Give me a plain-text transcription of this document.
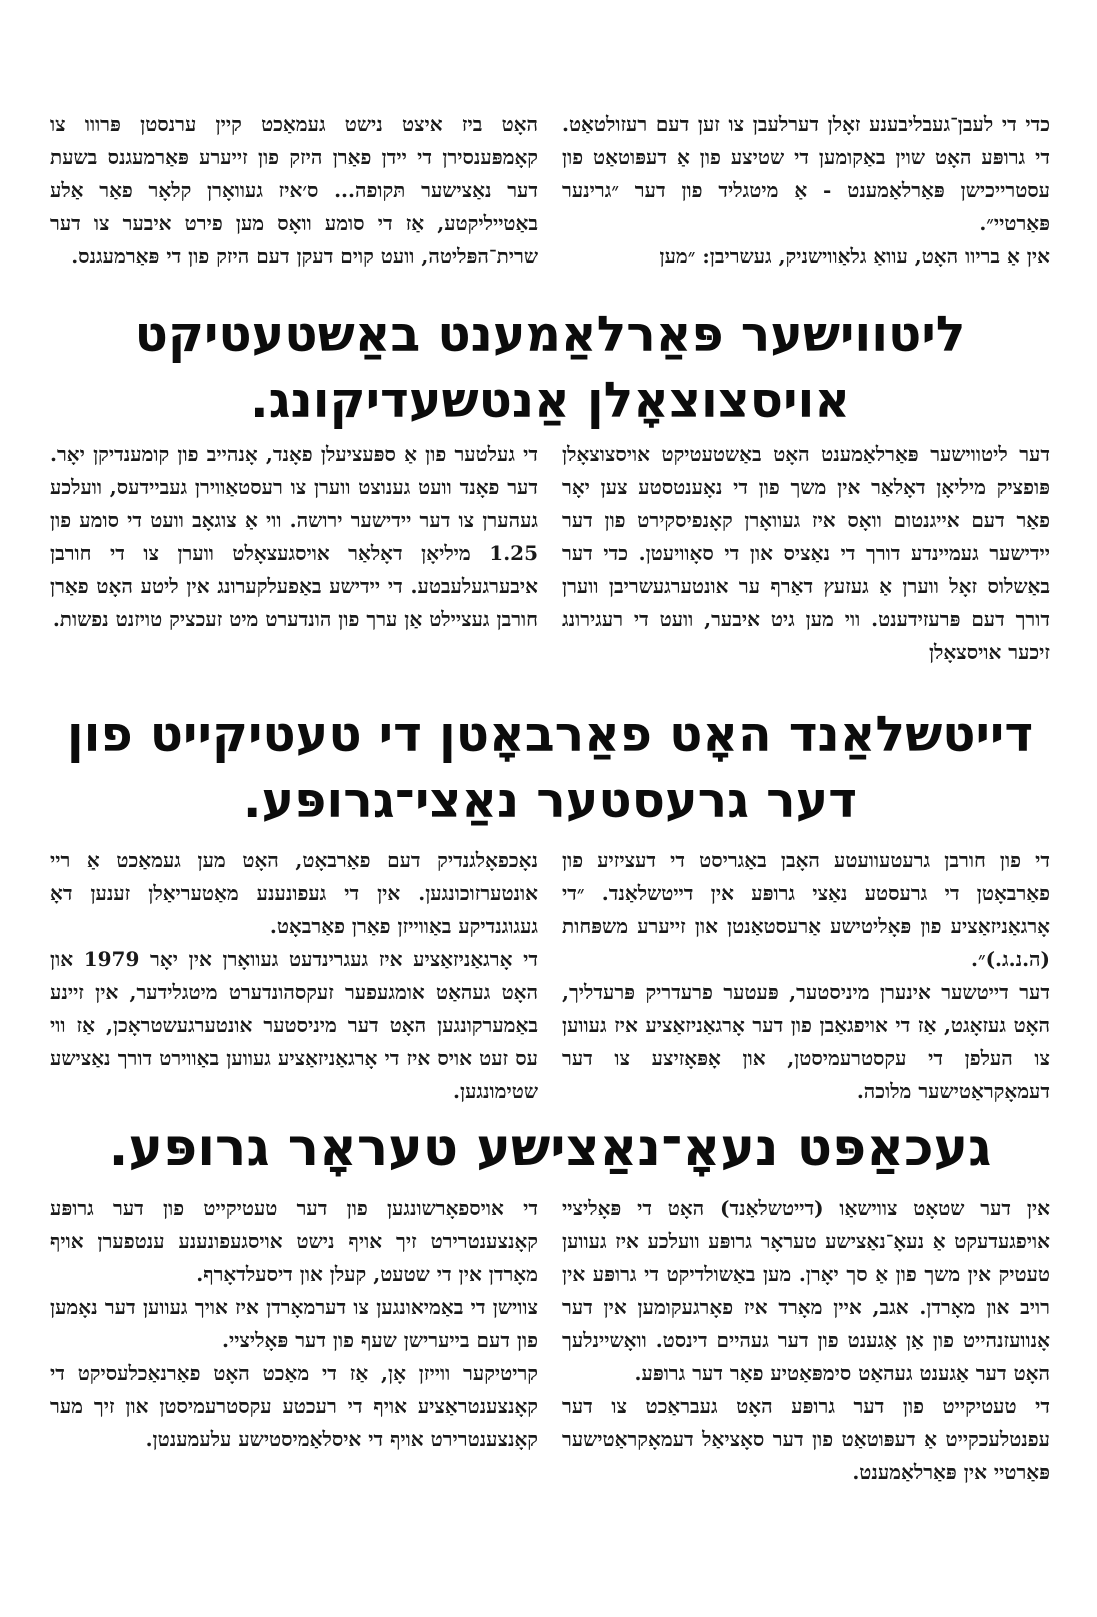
כדי די לעבן־געבליבענע זאָלן דערלעבן צו זען דעם רעזולטאַט. די גרופּע האָט שוין באַקומען די שטיצע פון אַ דעפּוטאַט פון עסטרייכישן פּאַרלאַמענט - אַ מיטגליד פון דער ״גרינער פּאַרטיי״.

אין אַ בריוו האָט, עוואַ גלאַווישניק, געשריבן: ״מען

האָט ביז איצט נישט געמאַכט קיין ערנסטן פּרווו צו קאָמפּענסירן די יידן פאַרן היזק פון זייערע פּאַרמעגנס בשעת דער נאַצישער תּקופה... ס׳איז געוואָרן קלאָר פאַר אַלע באַטייליקטע, אַז די סומע וואָס מען פירט איבער צו דער שרית־הפּליטה, וועט קוים דעקן דעם היזק פון די פּאַרמעגנס.

ליטווישער פּאַרלאַמענט באַשטעטיקט אויסצוצאָלן אַנטשעדיקונג.

דער ליטווישער פּאַרלאַמענט האָט באַשטעטיקט אויסצוצאָלן פּופציק מיליאָן דאָלאַר אין משך פון די נאָענטסטע צען יאָר פאַר דעם אייגנטום וואָס איז געוואָרן קאָנפיסקירט פון דער יידישער געמיינדע דורך די נאַציס און די סאָוויעטן. כדי דער באַשלוס זאָל ווערן אַ געזעץ דאַרף ער אונטערגעשריבן ווערן דורך דעם פּרעזידענט. ווי מען גיט איבער, וועט די רעגירונג זיכער אויסצאָלן

די געלטער פון אַ ספּעציעלן פאָנד, אָנהייב פון קומענדיקן יאָר. דער פאָנד וועט גענוצט ווערן צו רעסטאַווירן געביידעס, וועלכע געהערן צו דער יידישער ירושה. ווי אַ צוגאָב וועט די סומע פון 1.25 מיליאָן דאָלאַר אויסגעצאָלט ווערן צו די חורבן איבערגעלעבטע. די יידישע באַפעלקערונג אין ליטע האָט פאַרן חורבן געציילט אַן ערך פון הונדערט מיט זעכציק טויזנט נפשות.

דייטשלאַנד האָט פאַרבאָטן די טעטיקייט פון דער גרעסטער נאַצי־גרופּע.

די פון חורבן גרעטעוועטע האָבן באַגריסט די דעציזיע פון פאַרבאָטן די גרעסטע נאַצי גרופּע אין דייטשלאַנד. ״די אָרגאַניזאַציע פון פּאָליטישע אַרעסטאַנטן און זייערע משפּחות (ה.נ.ג.)״.

דער דייטשער אינערן מיניסטער, פּעטער פרעדריק פּרעדליך, האָט געזאָגט, אַז די אויפגאַבן פון דער אָרגאַניזאַציע איז געווען צו העלפן די עקסטרעמיסטן, און אָפּאָזיצע צו דער דעמאָקראַטישער מלוכה.

נאָכפאָלגנדיק דעם פאַרבאָט, האָט מען געמאַכט אַ ריי אונטערזוכונגען. אין די געפונענע מאַטעריאַלן זענען דאָ געגוגנדיקע באַווייזן פאַרן פאַרבאָט.

די אָרגאַניזאַציע איז געגרינדעט געוואָרן אין יאָר 1979 און האָט געהאַט אומגעפער זעקסהונדערט מיטגלידער, אין זיינע באַמערקונגען האָט דער מיניסטער אונטערגעשטראָכן, אַז ווי עס זעט אויס איז די אָרגאַניזאַציע געווען באַווירט דורך נאַצישע שטימונגען.

געכאַפּט נעאָ־נאַצישע טעראָר גרופּע.

אין דער שטאָט צווישאַו (דייטשלאַנד) האָט די פּאָליציי אויפגעדעקט אַ נעאָ־נאַצישע טעראָר גרופּע וועלכע איז געווען טעטיק אין משך פון אַ סך יאָרן. מען באַשולדיקט די גרופּע אין רויב און מאָרדן. אגב, איין מאָרד איז פאָרגעקומען אין דער אָנוועזנהייט פון אַן אַגענט פון דער געהיים דינסט. וואָשיינלעך האָט דער אַגענט געהאַט סימפּאַטיע פאַר דער גרופּע.

די טעטיקייט פון דער גרופּע האָט געבראַכט צו דער עפנטלעכקייט אַ דעפּוטאַט פון דער סאָציאַל דעמאָקראַטישער פּאַרטיי אין פּאַרלאַמענט.

די אויספאָרשונגען פון דער טעטיקייט פון דער גרופּע קאָנצענטרירט זיך אויף נישט אויסגעפונענע ענטפערן אויף מאָרדן אין די שטעט, קעלן און דיסעלדאָרף.

צווישן די באַמיאונגען צו דערמאָרדן איז אויך געווען דער נאָמען פון דעם בייערישן שעף פון דער פּאָליציי.

קריטיקער ווייזן אָן, אַז די מאַכט האָט פאַרנאַכלעסיקט די קאָנצענטראַציע אויף די רעכטע עקסטרעמיסטן און זיך מער קאָנצענטרירט אויף די איסלאַמיסטישע עלעמענטן.
